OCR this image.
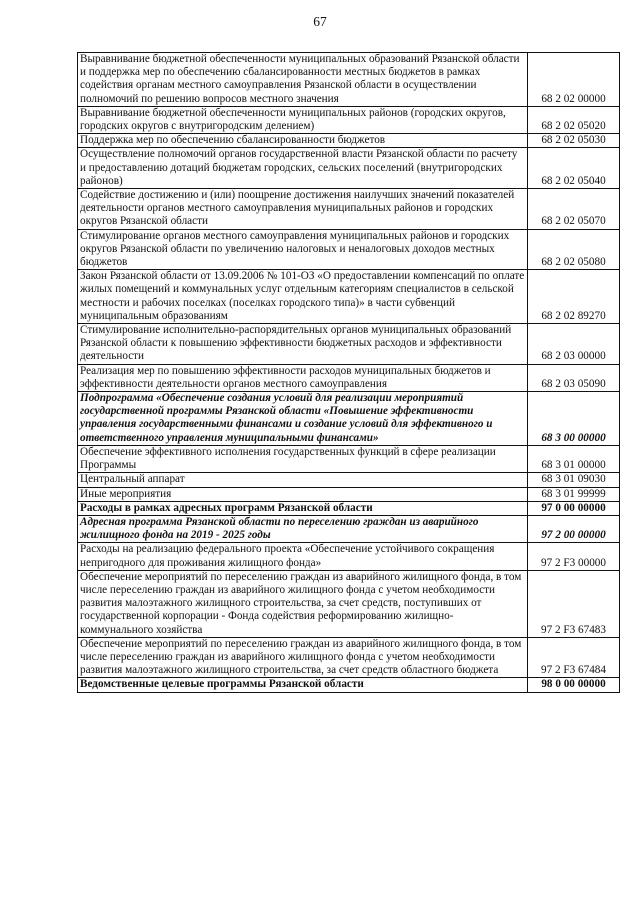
67
Выравнивание бюджетной обеспеченности муниципальных образований Рязанской области и поддержка мер по обеспечению сбалансированности местных бюджетов в рамках содействия органам местного самоуправления Рязанской области в осуществлении полномочий по решению вопросов местного значения	68 2 02 00000
Выравнивание бюджетной обеспеченности муниципальных районов (городских округов, городских округов с внутригородским делением)	68 2 02 05020
Поддержка мер по обеспечению сбалансированности бюджетов	68 2 02 05030
Осуществление полномочий органов государственной власти Рязанской области по расчету и предоставлению дотаций бюджетам городских, сельских поселений (внутригородских районов)	68 2 02 05040
Содействие достижению и (или) поощрение достижения наилучших значений показателей деятельности органов местного самоуправления муниципальных районов и городских округов Рязанской области	68 2 02 05070
Стимулирование органов местного самоуправления муниципальных районов и городских округов Рязанской области по увеличению налоговых и неналоговых доходов местных бюджетов	68 2 02 05080
Закон Рязанской области от 13.09.2006 № 101-ОЗ «О предоставлении компенсаций по оплате жилых помещений и коммунальных услуг отдельным категориям специалистов в сельской местности и рабочих поселках (поселках городского типа)» в части субвенций муниципальным образованиям	68 2 02 89270
Стимулирование исполнительно-распорядительных органов муниципальных образований Рязанской области к повышению эффективности бюджетных расходов и эффективности деятельности	68 2 03 00000
Реализация мер по повышению эффективности расходов муниципальных бюджетов и эффективности деятельности органов местного самоуправления	68 2 03 05090
Подпрограмма «Обеспечение создания условий для реализации мероприятий государственной программы Рязанской области «Повышение эффективности управления государственными финансами и создание условий для эффективного и ответственного управления муниципальными финансами»	68 3 00 00000
Обеспечение эффективного исполнения государственных функций в сфере реализации Программы	68 3 01 00000
Центральный аппарат	68 3 01 09030
Иные мероприятия	68 3 01 99999
Расходы в рамках адресных программ Рязанской области	97 0 00 00000
Адресная программа Рязанской области по переселению граждан из аварийного жилищного фонда на 2019 - 2025 годы	97 2 00 00000
Расходы на реализацию федерального проекта «Обеспечение устойчивого сокращения непригодного для проживания жилищного фонда»	97 2 F3 00000
Обеспечение мероприятий по переселению граждан из аварийного жилищного фонда, в том числе переселению граждан из аварийного жилищного фонда с учетом необходимости развития малоэтажного жилищного строительства, за счет средств, поступивших от государственной корпорации - Фонда содействия реформированию жилищно-коммунального хозяйства	97 2 F3 67483
Обеспечение мероприятий по переселению граждан из аварийного жилищного фонда, в том числе переселению граждан из аварийного жилищного фонда с учетом необходимости развития малоэтажного жилищного строительства, за счет средств областного бюджета	97 2 F3 67484
Ведомственные целевые программы Рязанской области	98 0 00 00000
